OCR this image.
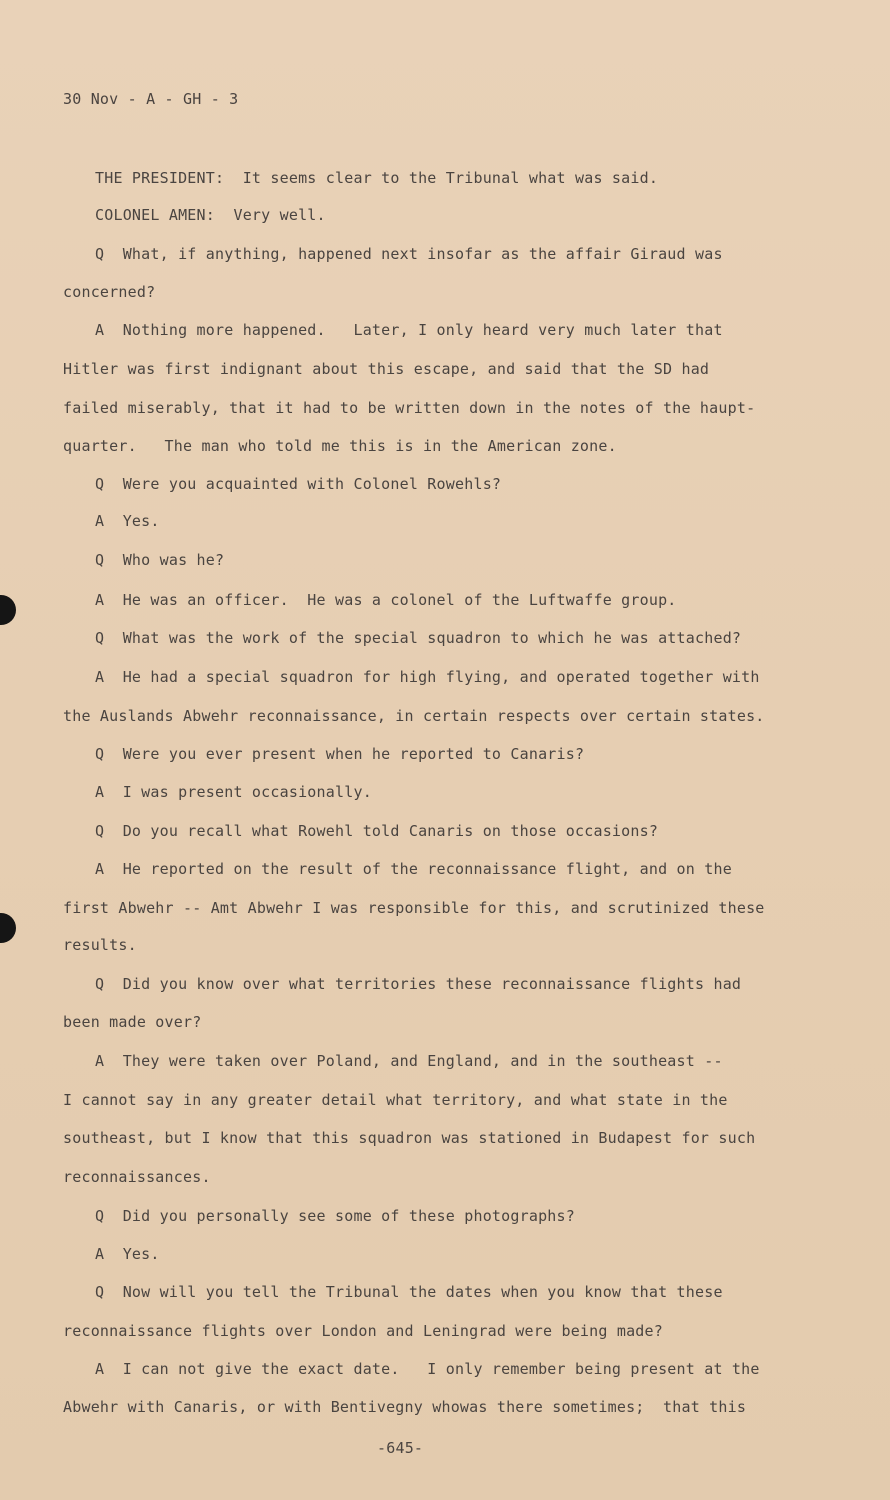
30 Nov - A - GH - 3
THE PRESIDENT:  It seems clear to the Tribunal what was said.
COLONEL AMEN:  Very well.
Q  What, if anything, happened next insofar as the affair Giraud was
concerned?
A  Nothing more happened.   Later, I only heard very much later that
Hitler was first indignant about this escape, and said that the SD had
failed miserably, that it had to be written down in the notes of the haupt-
quarter.   The man who told me this is in the American zone.
Q  Were you acquainted with Colonel Rowehls?
A  Yes.
Q  Who was he?
A  He was an officer.  He was a colonel of the Luftwaffe group.
Q  What was the work of the special squadron to which he was attached?
A  He had a special squadron for high flying, and operated together with
the Auslands Abwehr reconnaissance, in certain respects over certain states.
Q  Were you ever present when he reported to Canaris?
A  I was present occasionally.
Q  Do you recall what Rowehl told Canaris on those occasions?
A  He reported on the result of the reconnaissance flight, and on the
first Abwehr -- Amt Abwehr I was responsible for this, and scrutinized these
results.
Q  Did you know over what territories these reconnaissance flights had
been made over?
A  They were taken over Poland, and England, and in the southeast --
I cannot say in any greater detail what territory, and what state in the
southeast, but I know that this squadron was stationed in Budapest for such
reconnaissances.
Q  Did you personally see some of these photographs?
A  Yes.
Q  Now will you tell the Tribunal the dates when you know that these
reconnaissance flights over London and Leningrad were being made?
A  I can not give the exact date.   I only remember being present at the
Abwehr with Canaris, or with Bentivegny whowas there sometimes;  that this
-645-
